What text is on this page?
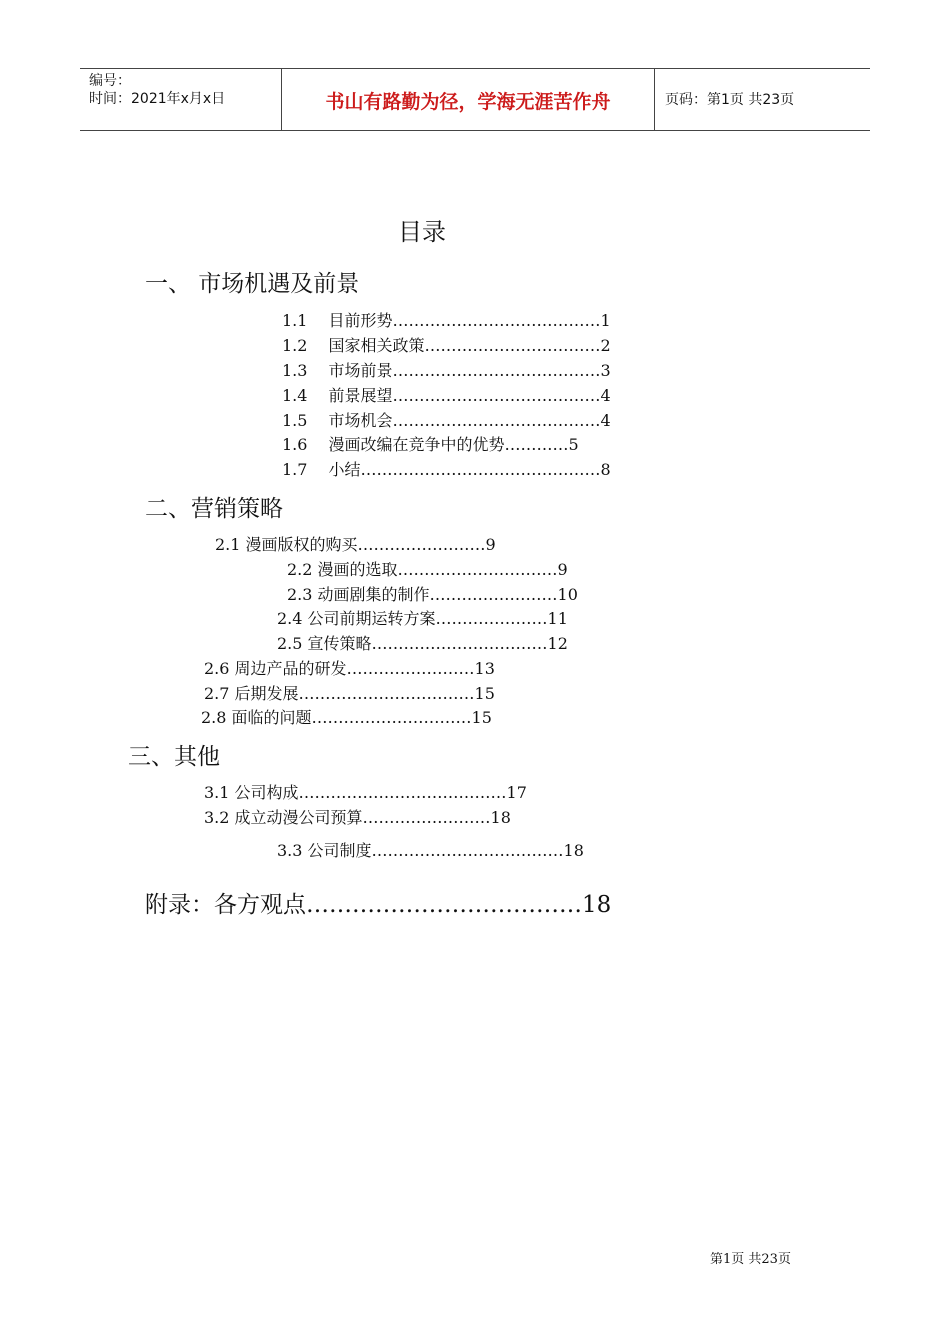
编号：
时间：2021年x月x日	书山有路勤为径，学海无涯苦作舟	页码：第1页 共23页
目录
一、 市场机遇及前景
1.1 　目前形势…………………………………1
1.2 　国家相关政策……………………………2
1.3 　市场前景…………………………………3
1.4 　前景展望…………………………………4
1.5 　市场机会…………………………………4
1.6 　漫画改编在竞争中的优势…………5
1.7 　小结………………………………………8
二、营销策略
2.1 漫画版权的购买……………………9
2.2 漫画的选取…………………………9
2.3 动画剧集的制作……………………10
2.4 公司前期运转方案…………………11
2.5 宣传策略……………………………12
2.6 周边产品的研发……………………13
2.7 后期发展……………………………15
2.8 面临的问题…………………………15
三、其他
3.1 公司构成…………………………………17
3.2 成立动漫公司预算……………………18
3.3 公司制度………………………………18
附录：各方观点………………………………18
第1页 共23页
